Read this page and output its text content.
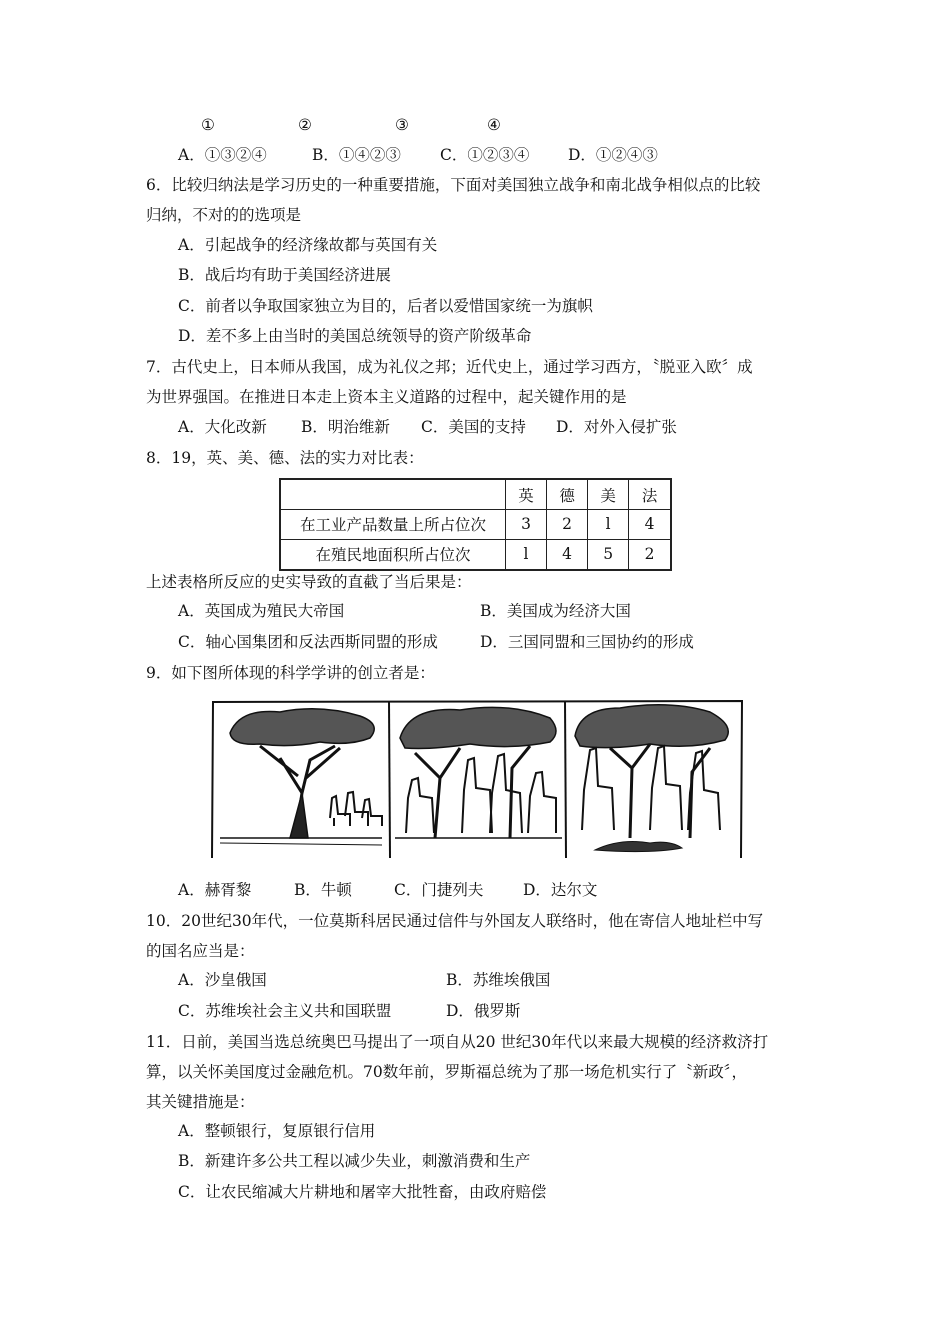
①	②	③	④
A．①③②④	B．①④②③	C．①②③④ D．①②④③
6．比较归纳法是学习历史的一种重要措施，下面对美国独立战争和南北战争相似点的比较
归纳，不对的的选项是
A．引起战争的经济缘故都与英国有关
B．战后均有助于美国经济进展
C．前者以争取国家独立为目的，后者以爱惜国家统一为旗帜
D．差不多上由当时的美国总统领导的资产阶级革命
7．古代史上，日本师从我国，成为礼仪之邦；近代史上，通过学习西方，〝脱亚入欧〞成
为世界强国。在推进日本走上资本主义道路的过程中，起关键作用的是
A．大化改新 B．明治维新 C．美国的支持 D．对外入侵扩张
8．19，英、美、德、法的实力对比表：
	英	德	美	法
在工业产品数量上所占位次	3	2	l	4
在殖民地面积所占位次	l	4	5	2
上述表格所反应的史实导致的直截了当后果是：
A．英国成为殖民大帝国	B．美国成为经济大国
C．轴心国集团和反法西斯同盟的形成	D．三国同盟和三国协约的形成
9．如下图所体现的科学学讲的创立者是：
A．赫胥黎	B．牛顿	C．门捷列夫	D．达尔文
10．20世纪30年代，一位莫斯科居民通过信件与外国友人联络时，他在寄信人地址栏中写
的国名应当是：
A．沙皇俄国	B．苏维埃俄国
C．苏维埃社会主义共和国联盟	D．俄罗斯
11．日前，美国当选总统奥巴马提出了一项自从20 世纪30年代以来最大规模的经济救济打
算，以关怀美国度过金融危机。70数年前，罗斯福总统为了那一场危机实行了〝新政〞，
其关键措施是：
A．整顿银行，复原银行信用
B．新建许多公共工程以减少失业，刺激消费和生产
C．让农民缩减大片耕地和屠宰大批牲畜，由政府赔偿
